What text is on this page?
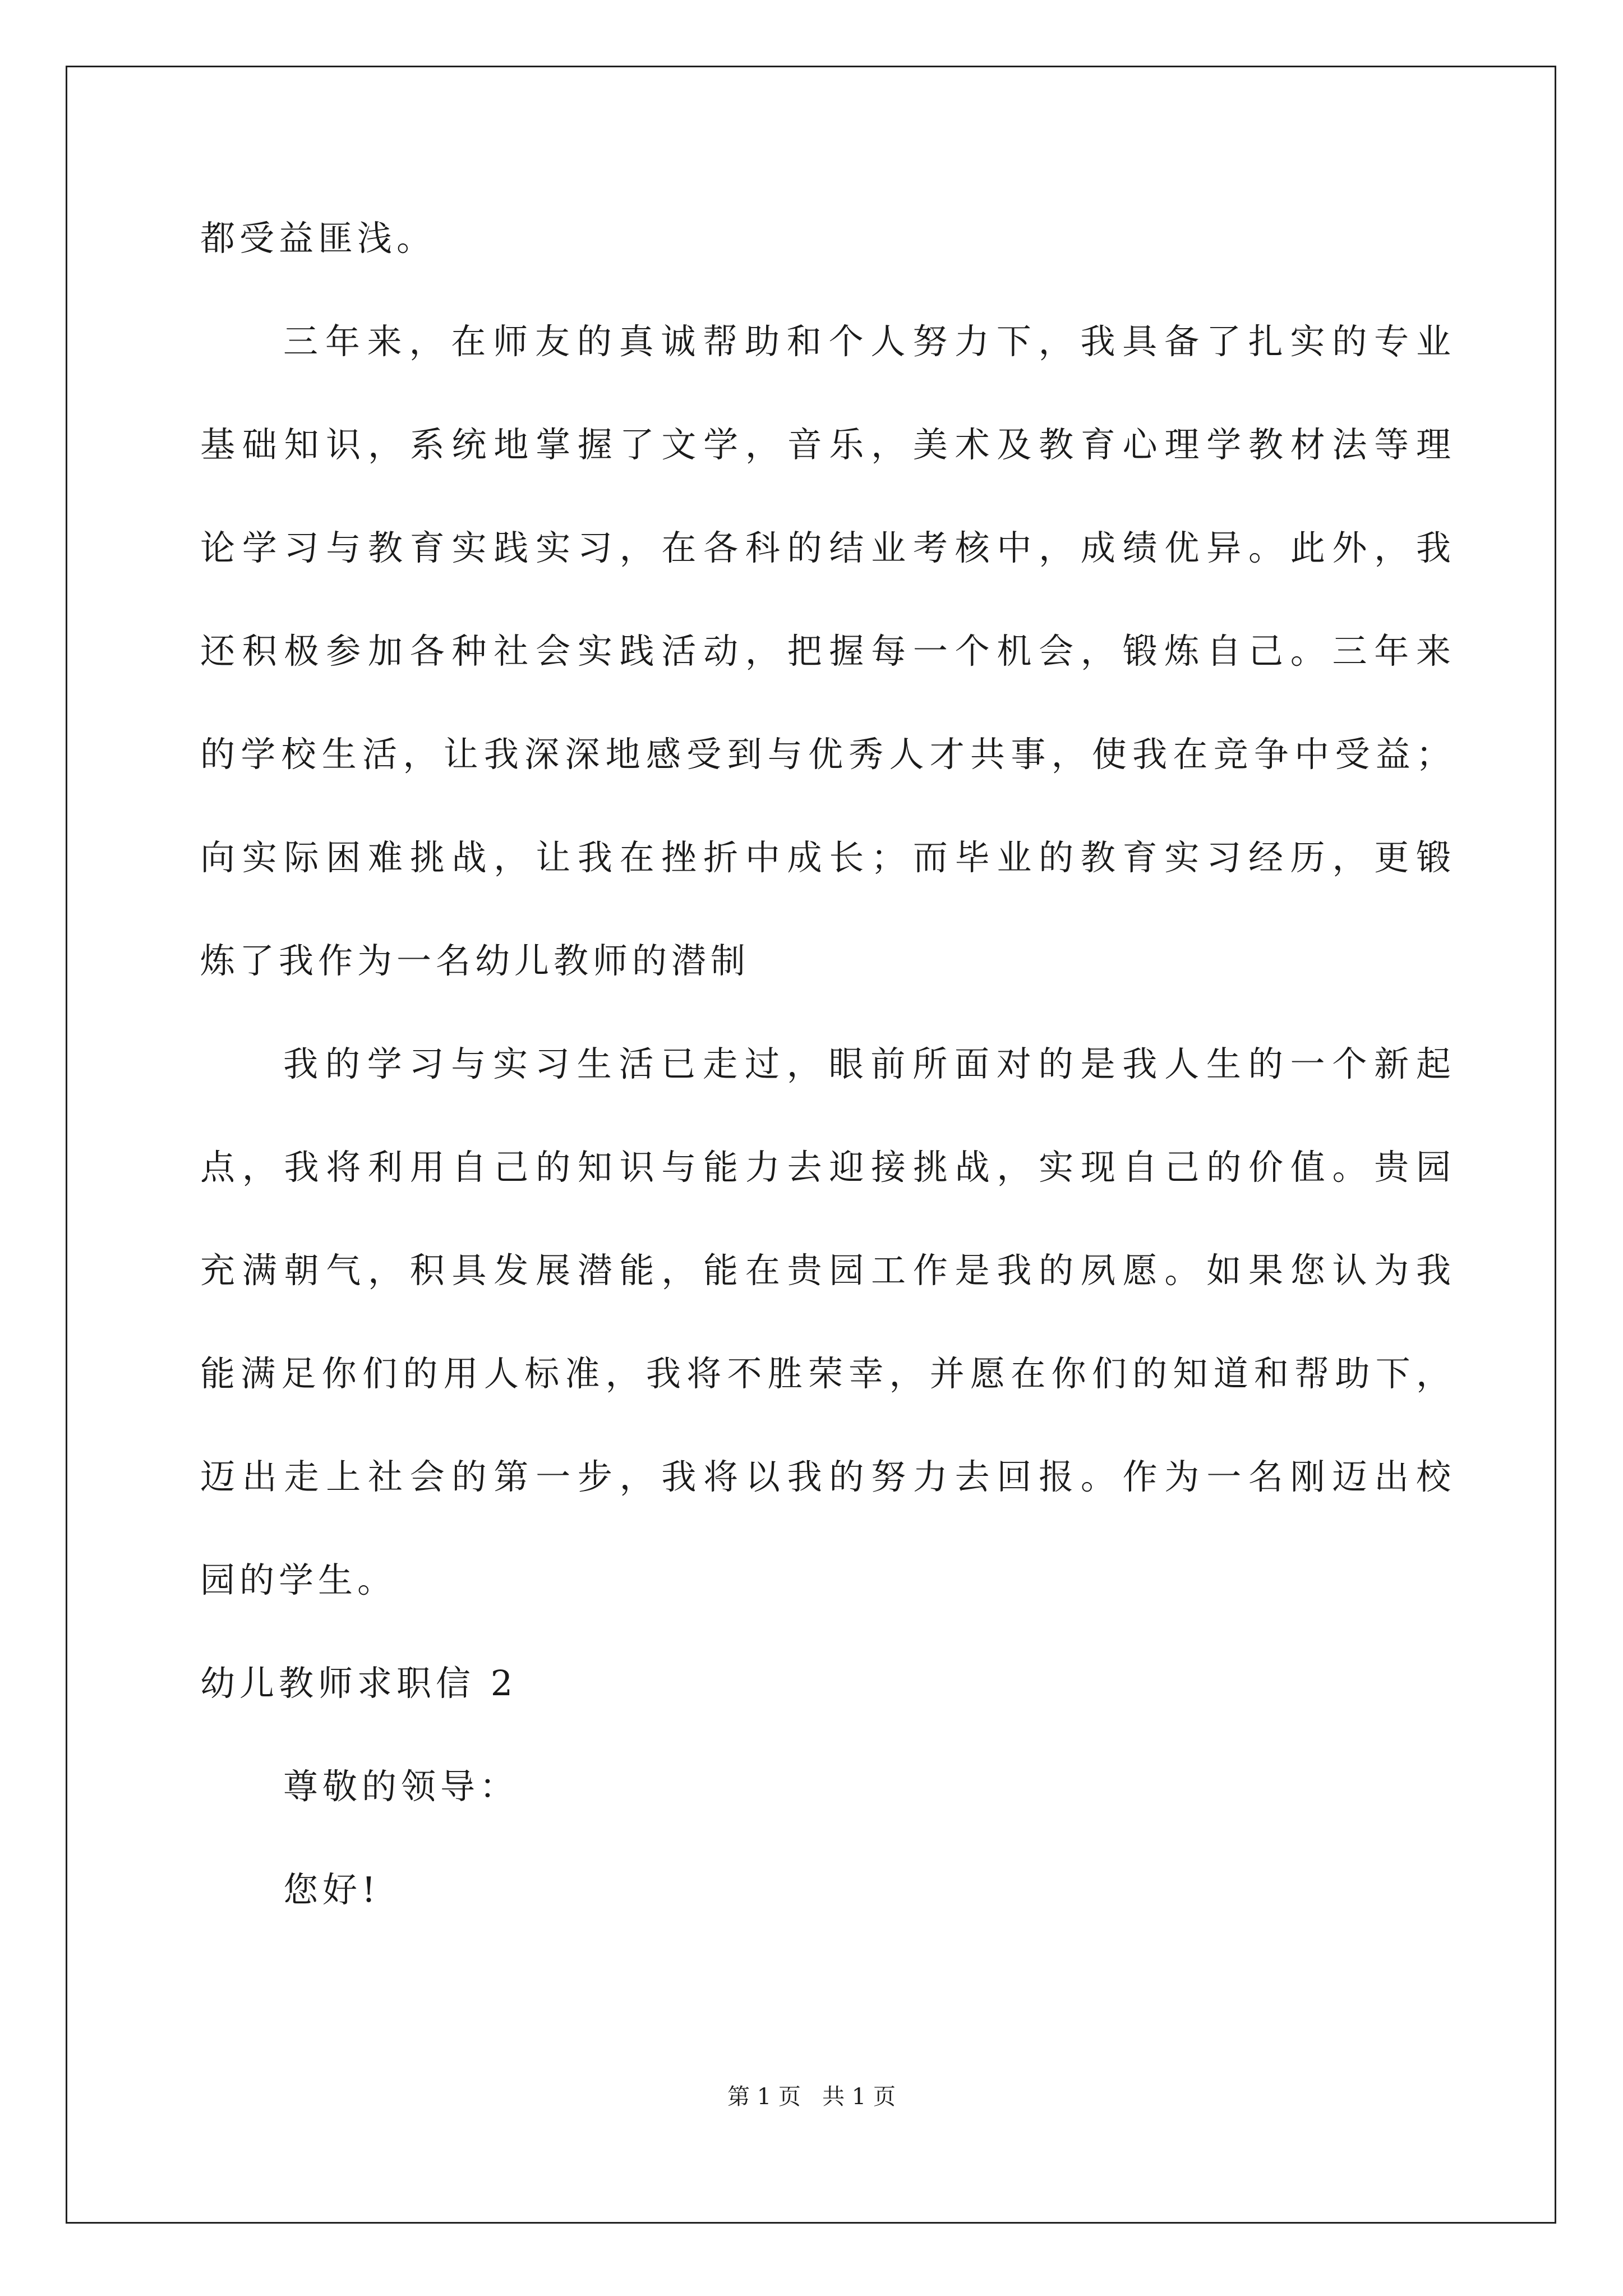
都受益匪浅。
三年来，在师友的真诚帮助和个人努力下，我具备了扎实的专业
基础知识，系统地掌握了文学，音乐，美术及教育心理学教材法等理
论学习与教育实践实习，在各科的结业考核中，成绩优异。此外，我
还积极参加各种社会实践活动，把握每一个机会，锻炼自己。三年来
的学校生活，让我深深地感受到与优秀人才共事，使我在竞争中受益；
向实际困难挑战，让我在挫折中成长；而毕业的教育实习经历，更锻
炼了我作为一名幼儿教师的潜制
我的学习与实习生活已走过，眼前所面对的是我人生的一个新起
点，我将利用自己的知识与能力去迎接挑战，实现自己的价值。贵园
充满朝气，积具发展潜能，能在贵园工作是我的夙愿。如果您认为我
能满足你们的用人标准，我将不胜荣幸，并愿在你们的知道和帮助下，
迈出走上社会的第一步，我将以我的努力去回报。作为一名刚迈出校
园的学生。
幼儿教师求职信 2
尊敬的领导：
您好!
第 1 页   共 1 页
